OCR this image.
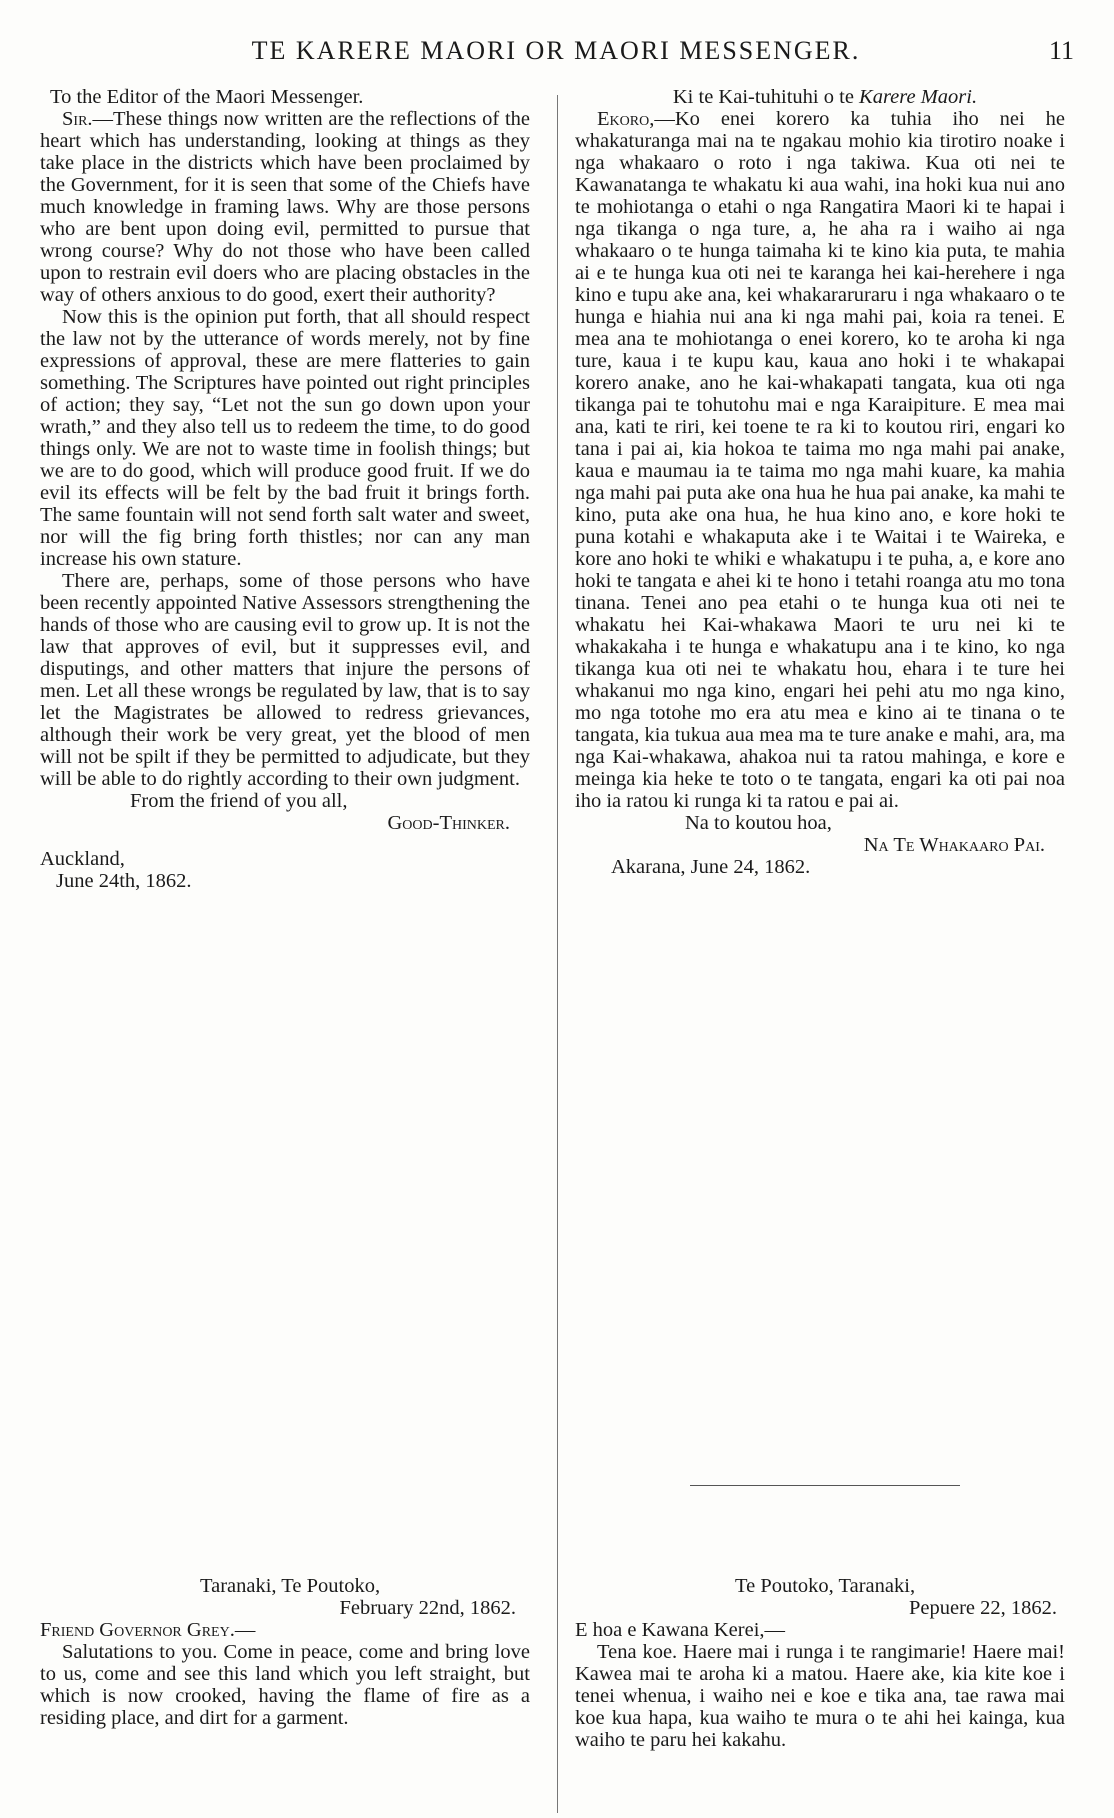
TE KARERE MAORI OR MAORI MESSENGER.	11

To the Editor of the Maori Messenger.

Sir.—These things now written are the reflections of the heart which has understanding, looking at things as they take place in the districts which have been proclaimed by the Government, for it is seen that some of the Chiefs have much knowledge in framing laws. Why are those persons who are bent upon doing evil, permitted to pursue that wrong course? Why do not those who have been called upon to restrain evil doers who are placing obstacles in the way of others anxious to do good, exert their authority?

Now this is the opinion put forth, that all should respect the law not by the utterance of words merely, not by fine expressions of approval, these are mere flatteries to gain something. The Scriptures have pointed out right principles of action; they say, “Let not the sun go down upon your wrath,” and they also tell us to redeem the time, to do good things only. We are not to waste time in foolish things; but we are to do good, which will produce good fruit. If we do evil its effects will be felt by the bad fruit it brings forth. The same fountain will not send forth salt water and sweet, nor will the fig bring forth thistles; nor can any man increase his own stature.

There are, perhaps, some of those persons who have been recently appointed Native Assessors strengthening the hands of those who are causing evil to grow up. It is not the law that approves of evil, but it suppresses evil, and disputings, and other matters that injure the persons of men. Let all these wrongs be regulated by law, that is to say let the Magistrates be allowed to redress grievances, although their work be very great, yet the blood of men will not be spilt if they be permitted to adjudicate, but they will be able to do rightly according to their own judgment.

From the friend of you all,

Good-Thinker.

Auckland,

June 24th, 1862.

Ki te Kai-tuhituhi o te Karere Maori.

Ekoro,—Ko enei korero ka tuhia iho nei he whakaturanga mai na te ngakau mohio kia tirotiro noake i nga whakaaro o roto i nga takiwa. Kua oti nei te Kawanatanga te whakatu ki aua wahi, ina hoki kua nui ano te mohiotanga o etahi o nga Rangatira Maori ki te hapai i nga tikanga o nga ture, a, he aha ra i waiho ai nga whakaaro o te hunga taimaha ki te kino kia puta, te mahia ai e te hunga kua oti nei te karanga hei kai-herehere i nga kino e tupu ake ana, kei whakararuraru i nga whakaaro o te hunga e hiahia nui ana ki nga mahi pai, koia ra tenei. E mea ana te mohiotanga o enei korero, ko te aroha ki nga ture, kaua i te kupu kau, kaua ano hoki i te whakapai korero anake, ano he kai-whakapati tangata, kua oti nga tikanga pai te tohutohu mai e nga Karaipiture. E mea mai ana, kati te riri, kei toene te ra ki to koutou riri, engari ko tana i pai ai, kia hokoa te taima mo nga mahi pai anake, kaua e maumau ia te taima mo nga mahi kuare, ka mahia nga mahi pai puta ake ona hua he hua pai anake, ka mahi te kino, puta ake ona hua, he hua kino ano, e kore hoki te puna kotahi e whakaputa ake i te Waitai i te Waireka, e kore ano hoki te whiki e whakatupu i te puha, a, e kore ano hoki te tangata e ahei ki te hono i tetahi roanga atu mo tona tinana. Tenei ano pea etahi o te hunga kua oti nei te whakatu hei Kai-whakawa Maori te uru nei ki te whakakaha i te hunga e whakatupu ana i te kino, ko nga tikanga kua oti nei te whakatu hou, ehara i te ture hei whakanui mo nga kino, engari hei pehi atu mo nga kino, mo nga totohe mo era atu mea e kino ai te tinana o te tangata, kia tukua aua mea ma te ture anake e mahi, ara, ma nga Kai-whakawa, ahakoa nui ta ratou mahinga, e kore e meinga kia heke te toto o te tangata, engari ka oti pai noa iho ia ratou ki runga ki ta ratou e pai ai.

Na to koutou hoa,

Na Te Whakaaro Pai.

Akarana, June 24, 1862.

Taranaki, Te Poutoko,

February 22nd, 1862.

Friend Governor Grey.—

Salutations to you. Come in peace, come and bring love to us, come and see this land which you left straight, but which is now crooked, having the flame of fire as a residing place, and dirt for a garment.

Te Poutoko, Taranaki,

Pepuere 22, 1862.

E hoa e Kawana Kerei,—

Tena koe. Haere mai i runga i te rangimarie! Haere mai! Kawea mai te aroha ki a matou. Haere ake, kia kite koe i tenei whenua, i waiho nei e koe e tika ana, tae rawa mai koe kua hapa, kua waiho te mura o te ahi hei kainga, kua waiho te paru hei kakahu.
